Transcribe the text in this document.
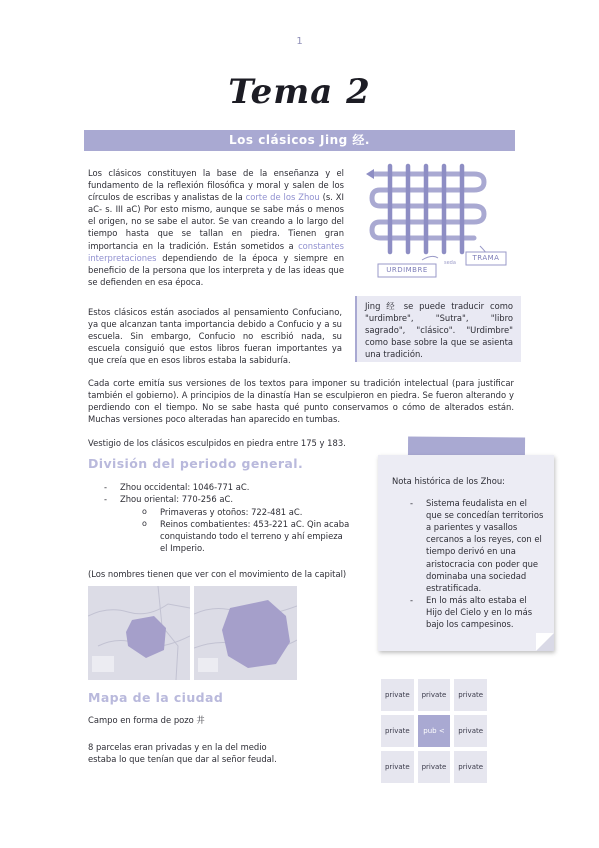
1
Tema 2
Los clásicos Jing 经.
Los clásicos constituyen la base de la enseñanza y el fundamento de la reflexión filosófica y moral y salen de los círculos de escribas y analistas de la corte de los Zhou (s. XI aC- s. III aC) Por esto mismo, aunque se sabe más o menos el origen, no se sabe el autor. Se van creando a lo largo del tiempo hasta que se tallan en piedra. Tienen gran importancia en la tradición. Están sometidos a constantes interpretaciones dependiendo de la época y siempre en beneficio de la persona que los interpreta y de las ideas que se defienden en esa época.
URDIMBRE
TRAMA
seda
Estos clásicos están asociados al pensamiento Confuciano, ya que alcanzan tanta importancia debido a Confucio y a su escuela. Sin embargo, Confucio no escribió nada, su escuela consiguió que estos libros fueran importantes ya que creía que en esos libros estaba la sabiduría.
Jing 经 se puede traducir como "urdimbre", "Sutra", "libro sagrado", "clásico". "Urdimbre" como base sobre la que se asienta una tradición.
Cada corte emitía sus versiones de los textos para imponer su tradición intelectual (para justificar también el gobierno). A principios de la dinastía Han se esculpieron en piedra. Se fueron alterando y perdiendo con el tiempo. No se sabe hasta qué punto conservamos o cómo de alterados están. Muchas versiones poco alteradas han aparecido en tumbas.
Vestigio de los clásicos esculpidos en piedra entre 175 y 183.
División del periodo general.
- Zhou occidental: 1046-771 aC.
- Zhou oriental: 770-256 aC.
o Primaveras y otoños: 722-481 aC.
o Reinos combatientes: 453-221 aC. Qin acaba conquistando todo el terreno y ahí empieza el Imperio.
(Los nombres tienen que ver con el movimiento de la capital)
Nota histórica de los Zhou:
- Sistema feudalista en el que se concedían territorios a parientes y vasallos cercanos a los reyes, con el tiempo derivó en una aristocracia con poder que dominaba una sociedad estratificada.
- En lo más alto estaba el Hijo del Cielo y en lo más bajo los campesinos.
Mapa de la ciudad
Campo en forma de pozo 井
8 parcelas eran privadas y en la del medio estaba lo que tenían que dar al señor feudal.
private	private	private
private	pub <	private
private	private	private
